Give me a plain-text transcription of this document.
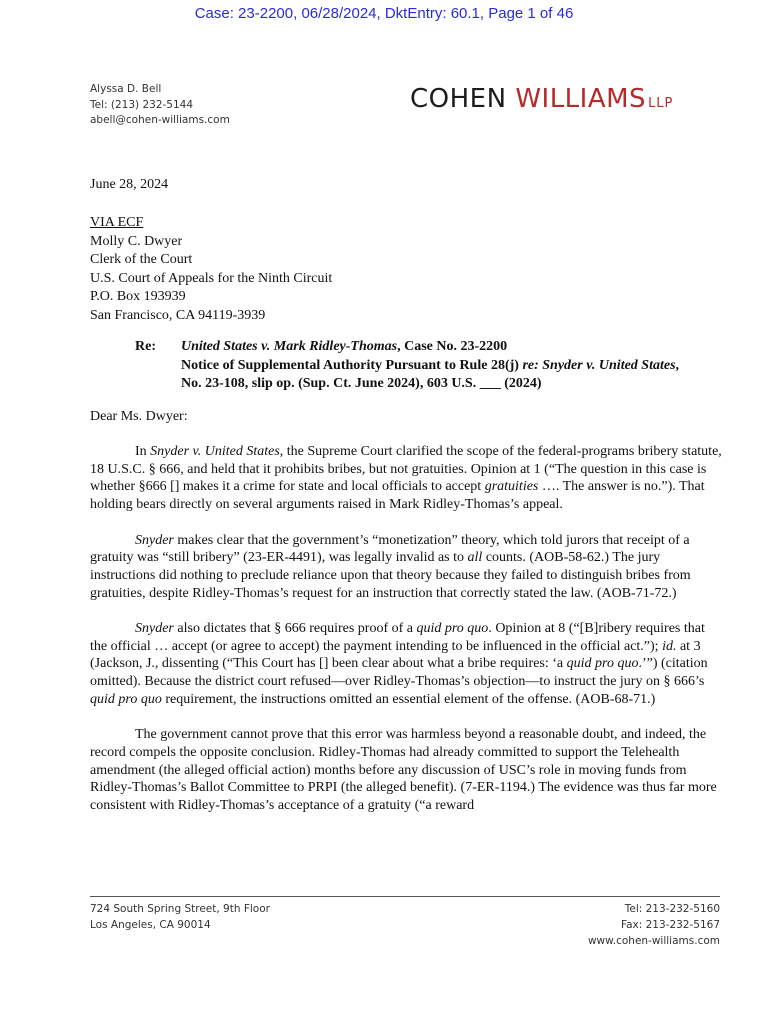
Case: 23-2200, 06/28/2024, DktEntry: 60.1, Page 1 of 46
Alyssa D. Bell
Tel: (213) 232-5144
abell@cohen-williams.com
COHEN WILLIAMS LLP
June 28, 2024
VIA ECF
Molly C. Dwyer
Clerk of the Court
U.S. Court of Appeals for the Ninth Circuit
P.O. Box 193939
San Francisco, CA 94119-3939
Re: United States v. Mark Ridley-Thomas, Case No. 23-2200
Notice of Supplemental Authority Pursuant to Rule 28(j) re: Snyder v. United States,
No. 23-108, slip op. (Sup. Ct. June 2024), 603 U.S. ___ (2024)
Dear Ms. Dwyer:

In Snyder v. United States, the Supreme Court clarified the scope of the federal-programs bribery statute, 18 U.S.C. § 666, and held that it prohibits bribes, but not gratuities. Opinion at 1 (“The question in this case is whether §666 [] makes it a crime for state and local officials to accept gratuities …. The answer is no.”). That holding bears directly on several arguments raised in Mark Ridley-Thomas’s appeal.

Snyder makes clear that the government’s “monetization” theory, which told jurors that receipt of a gratuity was “still bribery” (23-ER-4491), was legally invalid as to all counts. (AOB-58-62.) The jury instructions did nothing to preclude reliance upon that theory because they failed to distinguish bribes from gratuities, despite Ridley-Thomas’s request for an instruction that correctly stated the law. (AOB-71-72.)

Snyder also dictates that § 666 requires proof of a quid pro quo. Opinion at 8 (“[B]ribery requires that the official … accept (or agree to accept) the payment intending to be influenced in the official act.”); id. at 3 (Jackson, J., dissenting (“This Court has [] been clear about what a bribe requires: ‘a quid pro quo.’”) (citation omitted). Because the district court refused—over Ridley-Thomas’s objection—to instruct the jury on § 666’s quid pro quo requirement, the instructions omitted an essential element of the offense. (AOB-68-71.)

The government cannot prove that this error was harmless beyond a reasonable doubt, and indeed, the record compels the opposite conclusion. Ridley-Thomas had already committed to support the Telehealth amendment (the alleged official action) months before any discussion of USC’s role in moving funds from Ridley-Thomas’s Ballot Committee to PRPI (the alleged benefit). (7-ER-1194.) The evidence was thus far more consistent with Ridley-Thomas’s acceptance of a gratuity (“a reward

724 South Spring Street, 9th Floor
Los Angeles, CA 90014
Tel: 213-232-5160
Fax: 213-232-5167
www.cohen-williams.com
